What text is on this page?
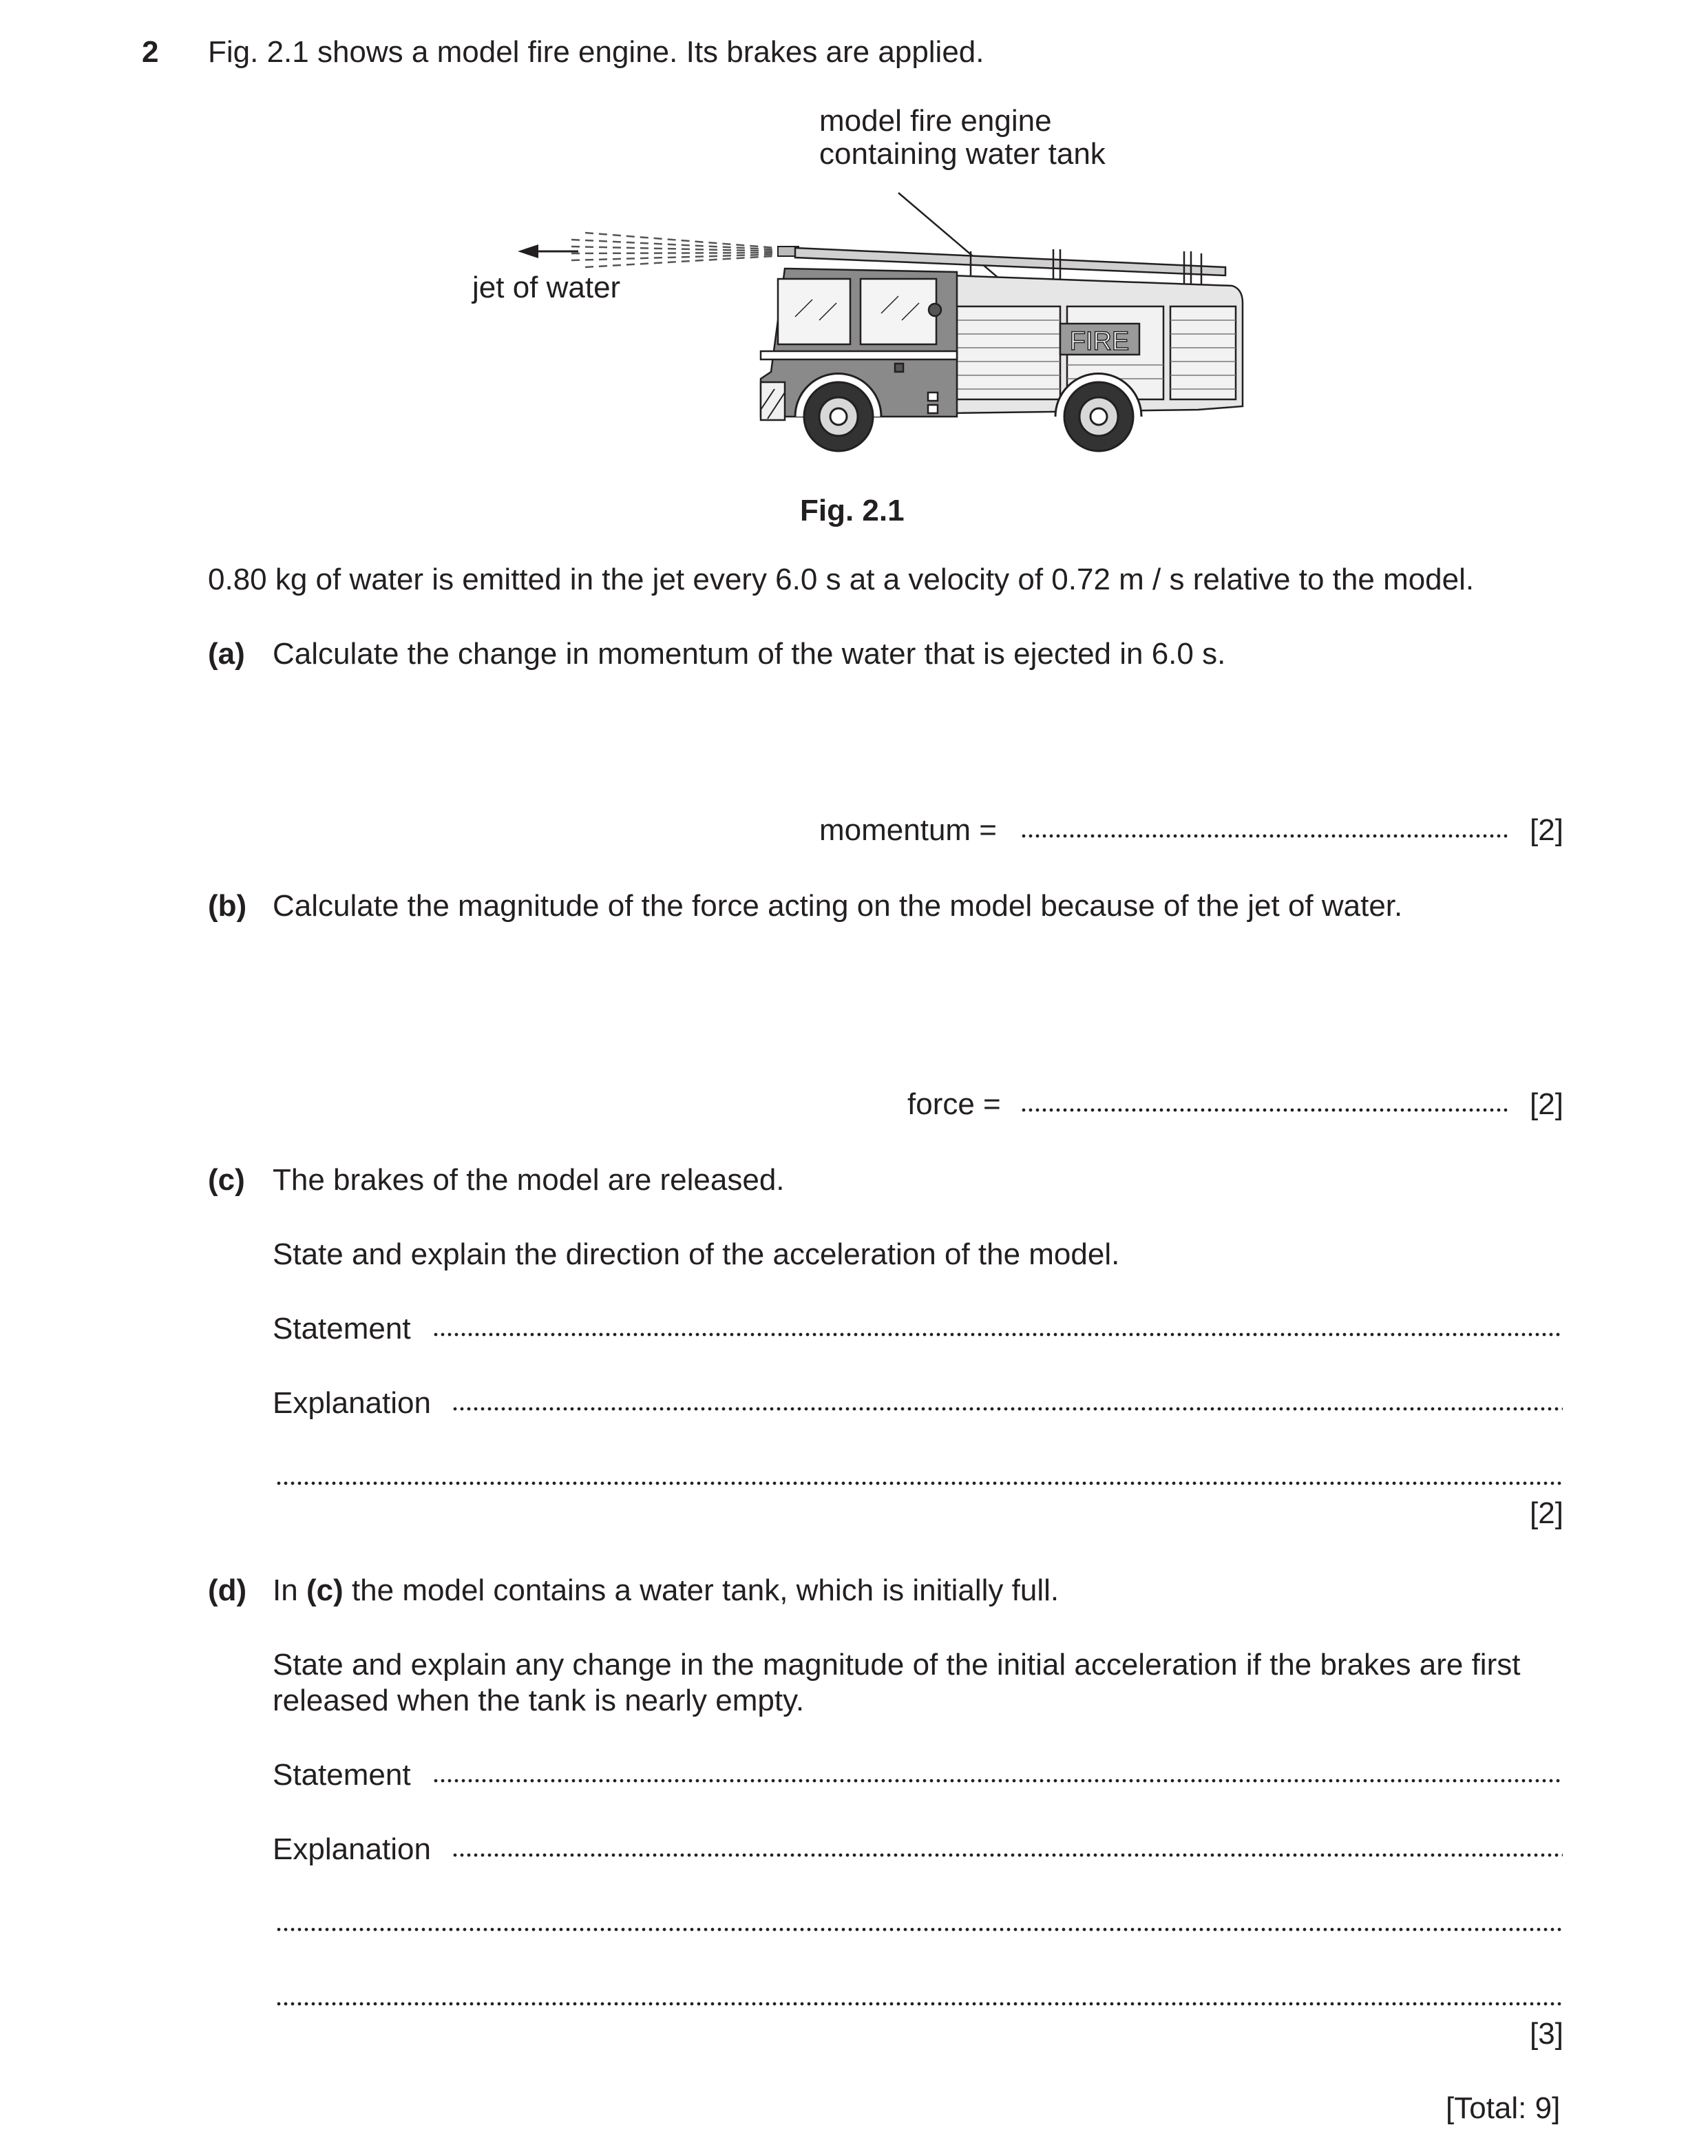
2 Fig. 2.1 shows a model fire engine. Its brakes are applied.
model fire engine
containing water tank
jet of water
FIRE
Fig. 2.1
0.80 kg of water is emitted in the jet every 6.0 s at a velocity of 0.72 m / s relative to the model.
(a) Calculate the change in momentum of the water that is ejected in 6.0 s.
momentum =	[2]
(b) Calculate the magnitude of the force acting on the model because of the jet of water.
force =	[2]
(c) The brakes of the model are released.
State and explain the direction of the acceleration of the model.
Statement
Explanation
[2]
(d) In (c) the model contains a water tank, which is initially full.
State and explain any change in the magnitude of the initial acceleration if the brakes are first
released when the tank is nearly empty.
Statement
Explanation
[3]
[Total: 9]
